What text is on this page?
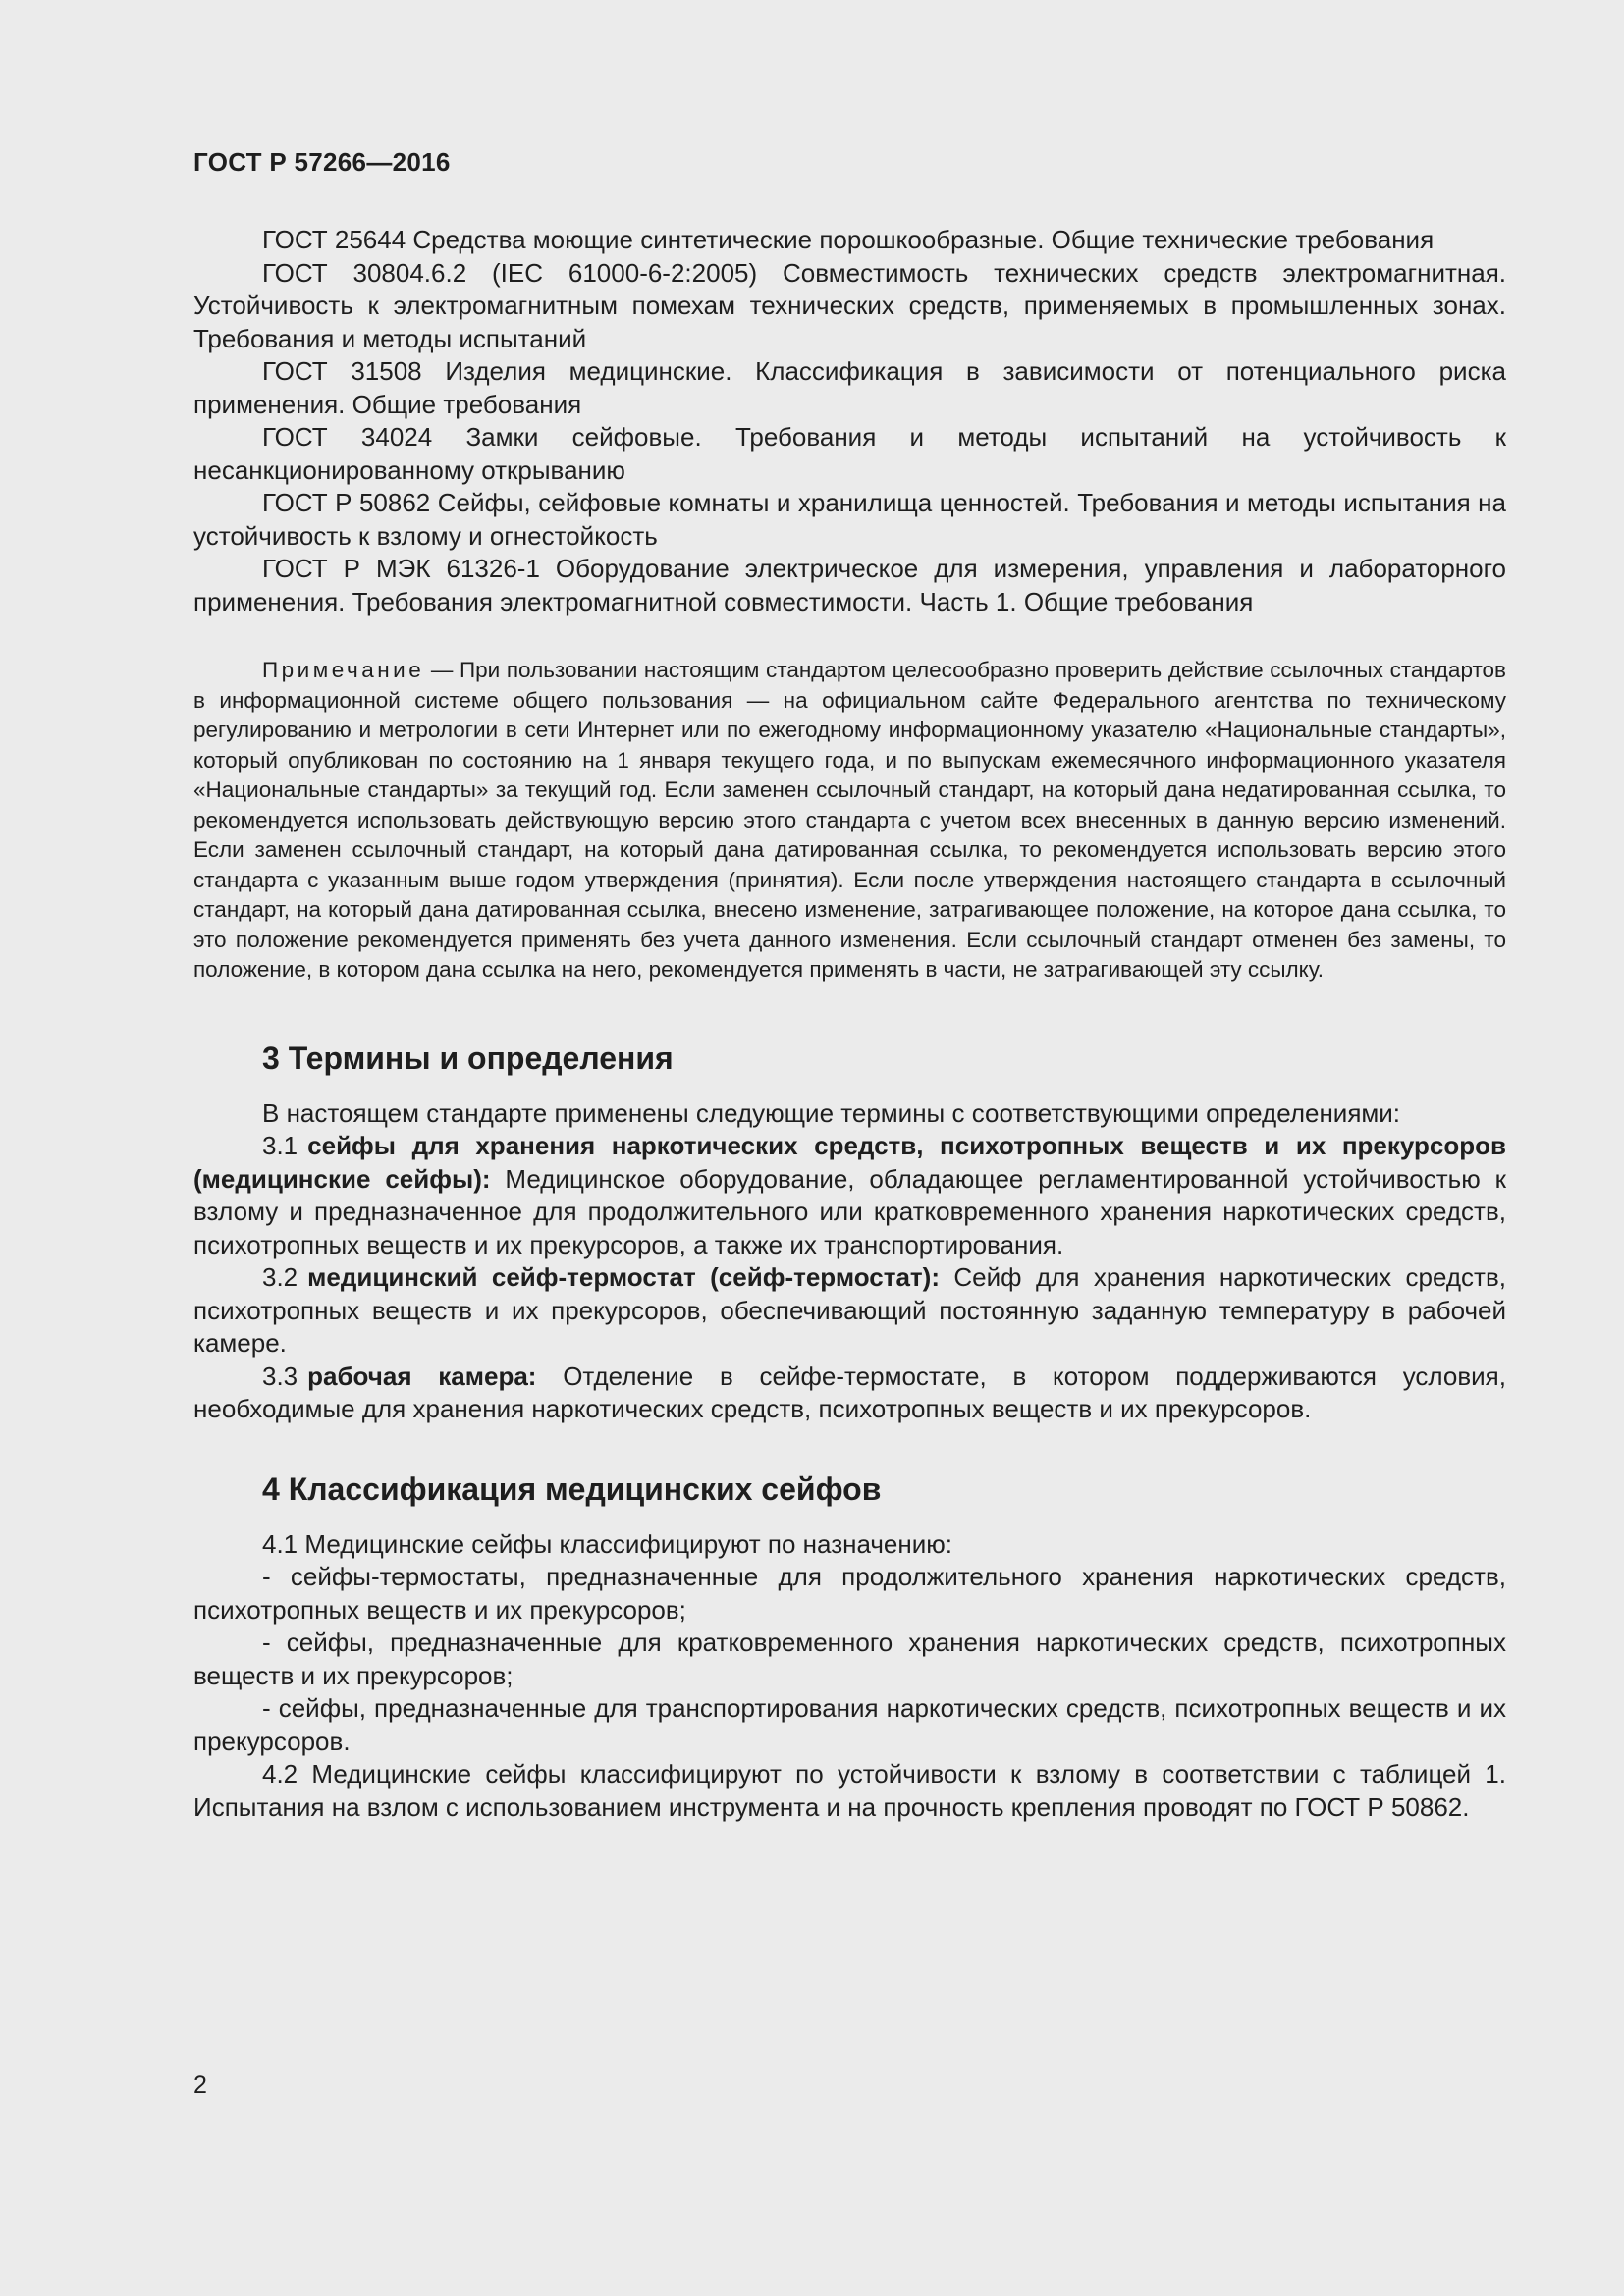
ГОСТ Р 57266—2016

ГОСТ 25644 Средства моющие синтетические порошкообразные. Общие технические требования

ГОСТ 30804.6.2 (IEC 61000-6-2:2005) Совместимость технических средств электромагнитная. Устойчивость к электромагнитным помехам технических средств, применяемых в промышленных зонах. Требования и методы испытаний

ГОСТ 31508 Изделия медицинские. Классификация в зависимости от потенциального риска применения. Общие требования

ГОСТ 34024 Замки сейфовые. Требования и методы испытаний на устойчивость к несанкционированному открыванию

ГОСТ Р 50862 Сейфы, сейфовые комнаты и хранилища ценностей. Требования и методы испытания на устойчивость к взлому и огнестойкость

ГОСТ Р МЭК 61326-1 Оборудование электрическое для измерения, управления и лабораторного применения. Требования электромагнитной совместимости. Часть 1. Общие требования

Примечание — При пользовании настоящим стандартом целесообразно проверить действие ссылочных стандартов в информационной системе общего пользования — на официальном сайте Федерального агентства по техническому регулированию и метрологии в сети Интернет или по ежегодному информационному указателю «Национальные стандарты», который опубликован по состоянию на 1 января текущего года, и по выпускам ежемесячного информационного указателя «Национальные стандарты» за текущий год. Если заменен ссылочный стандарт, на который дана недатированная ссылка, то рекомендуется использовать действующую версию этого стандарта с учетом всех внесенных в данную версию изменений. Если заменен ссылочный стандарт, на который дана датированная ссылка, то рекомендуется использовать версию этого стандарта с указанным выше годом утверждения (принятия). Если после утверждения настоящего стандарта в ссылочный стандарт, на который дана датированная ссылка, внесено изменение, затрагивающее положение, на которое дана ссылка, то это положение рекомендуется применять без учета данного изменения. Если ссылочный стандарт отменен без замены, то положение, в котором дана ссылка на него, рекомендуется применять в части, не затрагивающей эту ссылку.

3 Термины и определения

В настоящем стандарте применены следующие термины с соответствующими определениями:

3.1 сейфы для хранения наркотических средств, психотропных веществ и их прекурсоров (медицинские сейфы): Медицинское оборудование, обладающее регламентированной устойчивостью к взлому и предназначенное для продолжительного или кратковременного хранения наркотических средств, психотропных веществ и их прекурсоров, а также их транспортирования.

3.2 медицинский сейф-термостат (сейф-термостат): Сейф для хранения наркотических средств, психотропных веществ и их прекурсоров, обеспечивающий постоянную заданную температуру в рабочей камере.

3.3 рабочая камера: Отделение в сейфе-термостате, в котором поддерживаются условия, необходимые для хранения наркотических средств, психотропных веществ и их прекурсоров.

4 Классификация медицинских сейфов

4.1 Медицинские сейфы классифицируют по назначению:

- сейфы-термостаты, предназначенные для продолжительного хранения наркотических средств, психотропных веществ и их прекурсоров;

- сейфы, предназначенные для кратковременного хранения наркотических средств, психотропных веществ и их прекурсоров;

- сейфы, предназначенные для транспортирования наркотических средств, психотропных веществ и их прекурсоров.

4.2 Медицинские сейфы классифицируют по устойчивости к взлому в соответствии с таблицей 1. Испытания на взлом с использованием инструмента и на прочность крепления проводят по ГОСТ Р 50862.

2
